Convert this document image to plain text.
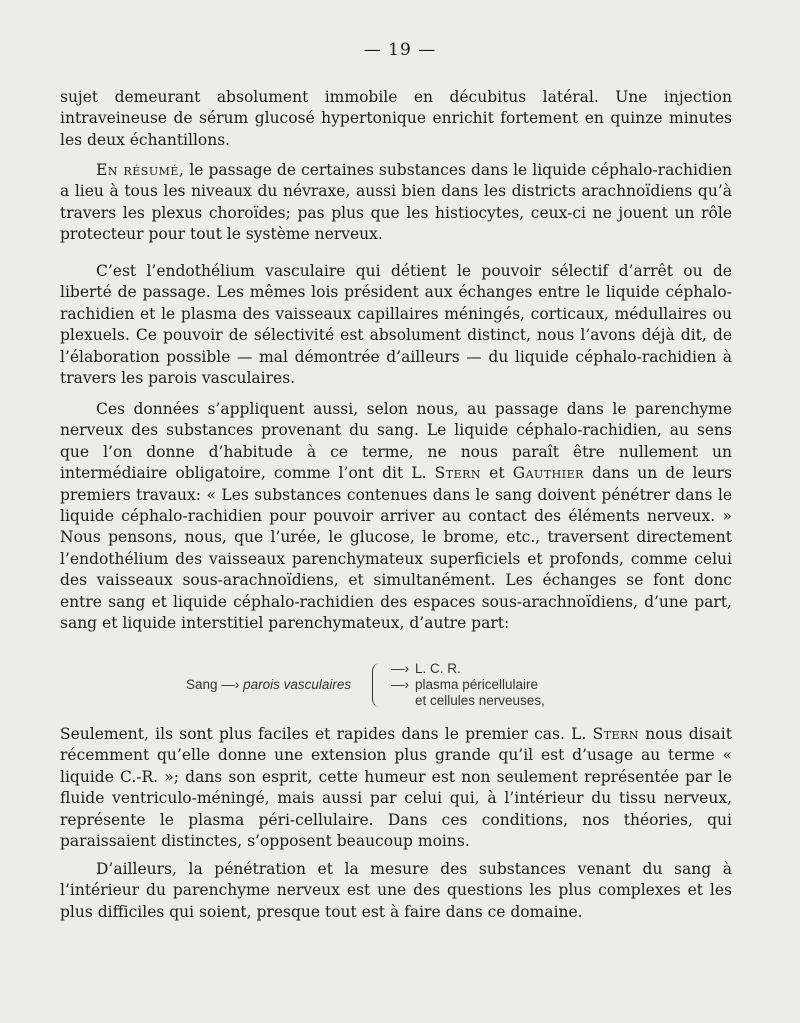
— 19 —

sujet demeurant absolument immobile en décubitus latéral. Une injection intraveineuse de sérum glucosé hypertonique enrichit fortement en quinze minutes les deux échantillons.

En résumé, le passage de certaines substances dans le liquide céphalo-rachidien a lieu à tous les niveaux du névraxe, aussi bien dans les districts arachnoïdiens qu’à travers les plexus choroïdes; pas plus que les histiocytes, ceux-ci ne jouent un rôle protecteur pour tout le système nerveux.

C’est l’endothélium vasculaire qui détient le pouvoir sélectif d’arrêt ou de liberté de passage. Les mêmes lois président aux échanges entre le liquide céphalo-rachidien et le plasma des vaisseaux capillaires méningés, corticaux, médullaires ou plexuels. Ce pouvoir de sélectivité est absolument distinct, nous l’avons déjà dit, de l’élaboration possible — mal démontrée d’ailleurs — du liquide céphalo-rachidien à travers les parois vasculaires.

Ces données s’appliquent aussi, selon nous, au passage dans le parenchyme nerveux des substances provenant du sang. Le liquide céphalo-rachidien, au sens que l’on donne d’habitude à ce terme, ne nous paraît être nullement un intermédiaire obligatoire, comme l’ont dit L. Stern et Gauthier dans un de leurs premiers travaux: « Les substances contenues dans le sang doivent pénétrer dans le liquide céphalo-rachidien pour pouvoir arriver au contact des éléments nerveux. » Nous pensons, nous, que l’urée, le glucose, le brome, etc., traversent directement l’endothélium des vaisseaux parenchymateux superficiels et profonds, comme celui des vaisseaux sous-arachnoïdiens, et simultanément. Les échanges se font donc entre sang et liquide céphalo-rachidien des espaces sous-arachnoïdiens, d’une part, sang et liquide interstitiel parenchymateux, d’autre part:

Sang —› parois vasculaires
—› L. C. R.
—› plasma péricellulaire
et cellules nerveuses,

Seulement, ils sont plus faciles et rapides dans le premier cas. L. Stern nous disait récemment qu’elle donne une extension plus grande qu’il est d’usage au terme « liquide C.-R. »; dans son esprit, cette humeur est non seulement représentée par le fluide ventriculo-méningé, mais aussi par celui qui, à l’intérieur du tissu nerveux, représente le plasma péri-cellulaire. Dans ces conditions, nos théories, qui paraissaient distinctes, s’opposent beaucoup moins.

D’ailleurs, la pénétration et la mesure des substances venant du sang à l’intérieur du parenchyme nerveux est une des questions les plus complexes et les plus difficiles qui soient, presque tout est à faire dans ce domaine.
